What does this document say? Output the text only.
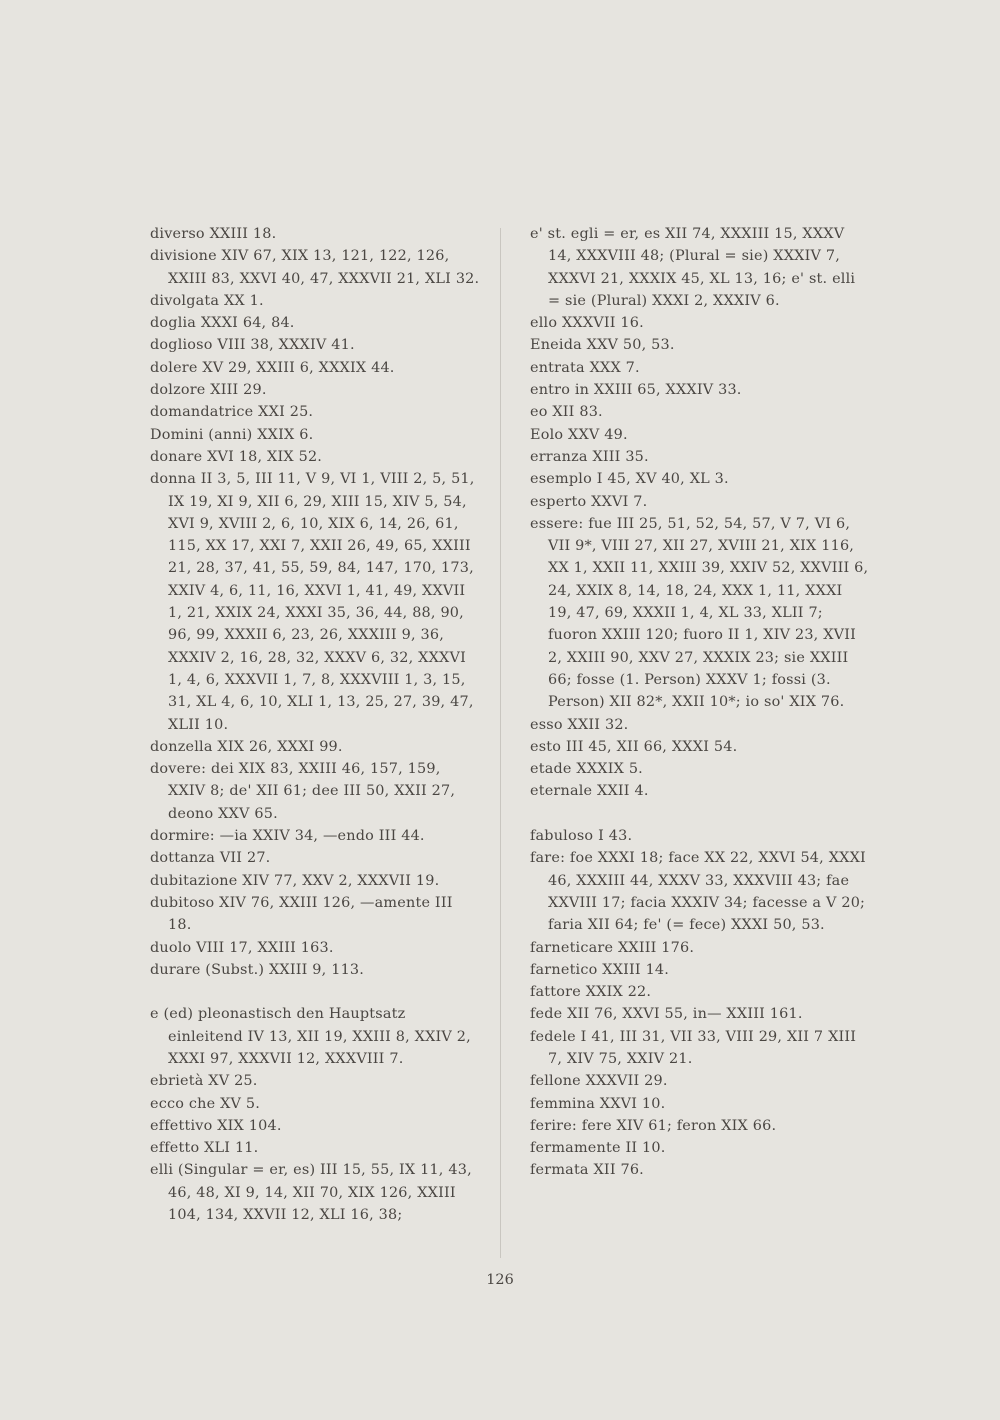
diverso XXIII 18.
divisione XIV 67, XIX 13, 121, 122, 126, XXIII 83, XXVI 40, 47, XXXVII 21, XLI 32.
divolgata XX 1.
doglia XXXI 64, 84.
doglioso VIII 38, XXXIV 41.
dolere XV 29, XXIII 6, XXXIX 44.
dolzore XIII 29.
domandatrice XXI 25.
Domini (anni) XXIX 6.
donare XVI 18, XIX 52.
donna II 3, 5, III 11, V 9, VI 1, VIII 2, 5, 51, IX 19, XI 9, XII 6, 29, XIII 15, XIV 5, 54, XVI 9, XVIII 2, 6, 10, XIX 6, 14, 26, 61, 115, XX 17, XXI 7, XXII 26, 49, 65, XXIII 21, 28, 37, 41, 55, 59, 84, 147, 170, 173, XXIV 4, 6, 11, 16, XXVI 1, 41, 49, XXVII 1, 21, XXIX 24, XXXI 35, 36, 44, 88, 90, 96, 99, XXXII 6, 23, 26, XXXIII 9, 36, XXXIV 2, 16, 28, 32, XXXV 6, 32, XXXVI 1, 4, 6, XXXVII 1, 7, 8, XXXVIII 1, 3, 15, 31, XL 4, 6, 10, XLI 1, 13, 25, 27, 39, 47, XLII 10.
donzella XIX 26, XXXI 99.
dovere: dei XIX 83, XXIII 46, 157, 159, XXIV 8; de' XII 61; dee III 50, XXII 27, deono XXV 65.
dormire: —ia XXIV 34, —endo III 44.
dottanza VII 27.
dubitazione XIV 77, XXV 2, XXXVII 19.
dubitoso XIV 76, XXIII 126, —amente III 18.
duolo VIII 17, XXIII 163.
durare (Subst.) XXIII 9, 113.
e (ed) pleonastisch den Hauptsatz einleitend IV 13, XII 19, XXIII 8, XXIV 2, XXXI 97, XXXVII 12, XXXVIII 7.
ebrietà XV 25.
ecco che XV 5.
effettivo XIX 104.
effetto XLI 11.
elli (Singular = er, es) III 15, 55, IX 11, 43, 46, 48, XI 9, 14, XII 70, XIX 126, XXIII 104, 134, XXVII 12, XLI 16, 38;
e' st. egli = er, es XII 74, XXXIII 15, XXXV 14, XXXVIII 48; (Plural = sie) XXXIV 7, XXXVI 21, XXXIX 45, XL 13, 16; e' st. elli = sie (Plural) XXXI 2, XXXIV 6.
ello XXXVII 16.
Eneida XXV 50, 53.
entrata XXX 7.
entro in XXIII 65, XXXIV 33.
eo XII 83.
Eolo XXV 49.
erranza XIII 35.
esemplo I 45, XV 40, XL 3.
esperto XXVI 7.
essere: fue III 25, 51, 52, 54, 57, V 7, VI 6, VII 9*, VIII 27, XII 27, XVIII 21, XIX 116, XX 1, XXII 11, XXIII 39, XXIV 52, XXVIII 6, 24, XXIX 8, 14, 18, 24, XXX 1, 11, XXXI 19, 47, 69, XXXII 1, 4, XL 33, XLII 7; fuoron XXIII 120; fuoro II 1, XIV 23, XVII 2, XXIII 90, XXV 27, XXXIX 23; sie XXIII 66; fosse (1. Person) XXXV 1; fossi (3. Person) XII 82*, XXII 10*; io so' XIX 76.
esso XXII 32.
esto III 45, XII 66, XXXI 54.
etade XXXIX 5.
eternale XXII 4.
fabuloso I 43.
fare: foe XXXI 18; face XX 22, XXVI 54, XXXI 46, XXXIII 44, XXXV 33, XXXVIII 43; fae XXVIII 17; facia XXXIV 34; facesse a V 20; faria XII 64; fe' (= fece) XXXI 50, 53.
farneticare XXIII 176.
farnetico XXIII 14.
fattore XXIX 22.
fede XII 76, XXVI 55, in— XXIII 161.
fedele I 41, III 31, VII 33, VIII 29, XII 7 XIII 7, XIV 75, XXIV 21.
fellone XXXVII 29.
femmina XXVI 10.
ferire: fere XIV 61; feron XIX 66.
fermamente II 10.
fermata XII 76.
126
